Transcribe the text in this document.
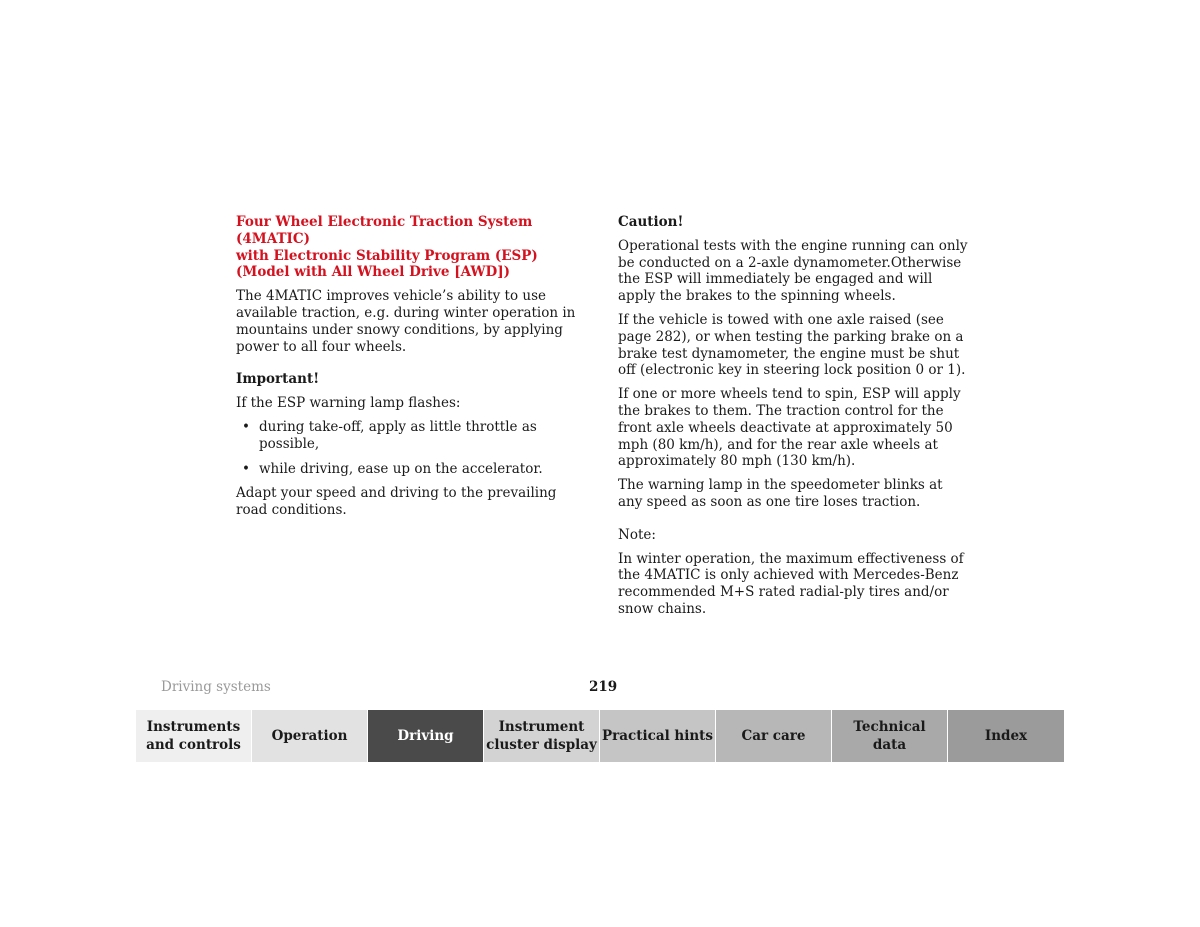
Four Wheel Electronic Traction System (4MATIC)
with Electronic Stability Program (ESP)
(Model with All Wheel Drive [AWD])

The 4MATIC improves vehicle’s ability to use available traction, e.g. during winter operation in mountains under snowy conditions, by applying power to all four wheels.

Important!

If the ESP warning lamp flashes:

• during take-off, apply as little throttle as possible,
• while driving, ease up on the accelerator.

Adapt your speed and driving to the prevailing road conditions.

Caution!

Operational tests with the engine running can only be conducted on a 2-axle dynamometer.Otherwise the ESP will immediately be engaged and will apply the brakes to the spinning wheels.

If the vehicle is towed with one axle raised (see page 282), or when testing the parking brake on a brake test dynamometer, the engine must be shut off (electronic key in steering lock position 0 or 1).

If one or more wheels tend to spin, ESP will apply the brakes to them. The traction control for the front axle wheels deactivate at approximately 50 mph (80 km/h), and for the rear axle wheels at approximately 80 mph (130 km/h).

The warning lamp in the speedometer blinks at any speed as soon as one tire loses traction.

Note:

In winter operation, the maximum effectiveness of the 4MATIC is only achieved with Mercedes-Benz recommended M+S rated radial-ply tires and/or snow chains.

Driving systems	219
Instruments
and controls
Operation	Driving
Instrument
cluster display
Practical hints	Car care
Technical
data
Index
